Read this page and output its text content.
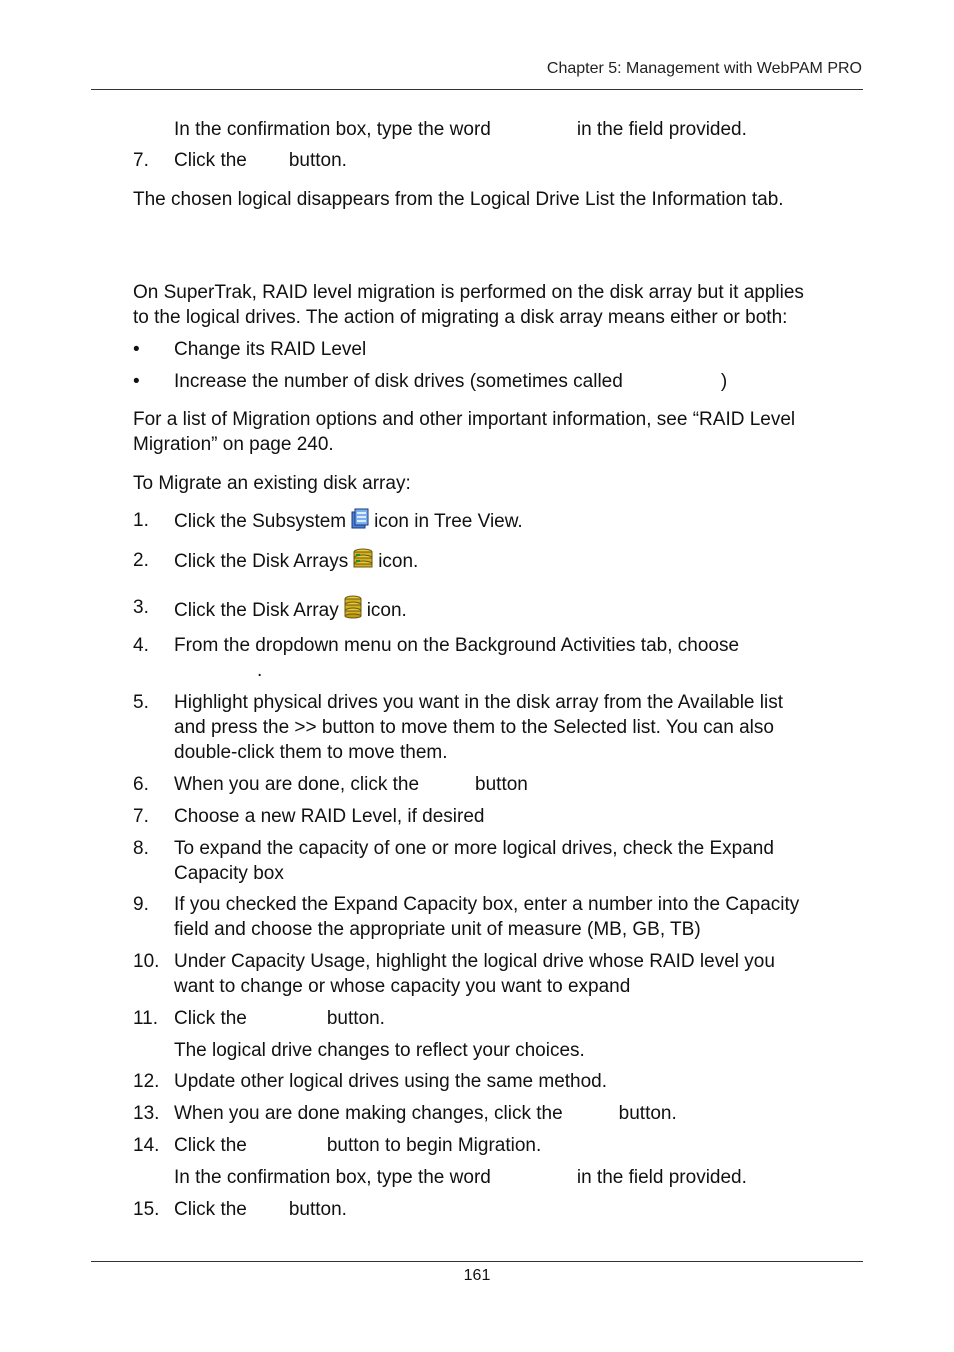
Chapter 5: Management with WebPAM PRO
In the confirmation box, type the word	in the field provided.
7. Click the button.
The chosen logical disappears from the Logical Drive List the Information tab.
On SuperTrak, RAID level migration is performed on the disk array but it applies
to the logical drives. The action of migrating a disk array means either or both:
• Change its RAID Level
• Increase the number of disk drives (sometimes called	)
For a list of Migration options and other important information, see “RAID Level
Migration” on page 240.
To Migrate an existing disk array:
1. Click the Subsystem icon in Tree View.
2. Click the Disk Arrays icon.
3. Click the Disk Array icon.
4. From the dropdown menu on the Background Activities tab, choose
.
5. Highlight physical drives you want in the disk array from the Available list
and press the >> button to move them to the Selected list. You can also
double-click them to move them.
6. When you are done, click the	button
7. Choose a new RAID Level, if desired
8. To expand the capacity of one or more logical drives, check the Expand
Capacity box
9. If you checked the Expand Capacity box, enter a number into the Capacity
field and choose the appropriate unit of measure (MB, GB, TB)
10. Under Capacity Usage, highlight the logical drive whose RAID level you
want to change or whose capacity you want to expand
11. Click the	button.
The logical drive changes to reflect your choices.
12. Update other logical drives using the same method.
13. When you are done making changes, click the	button.
14. Click the	button to begin Migration.
In the confirmation box, type the word	in the field provided.
15. Click the button.
161
